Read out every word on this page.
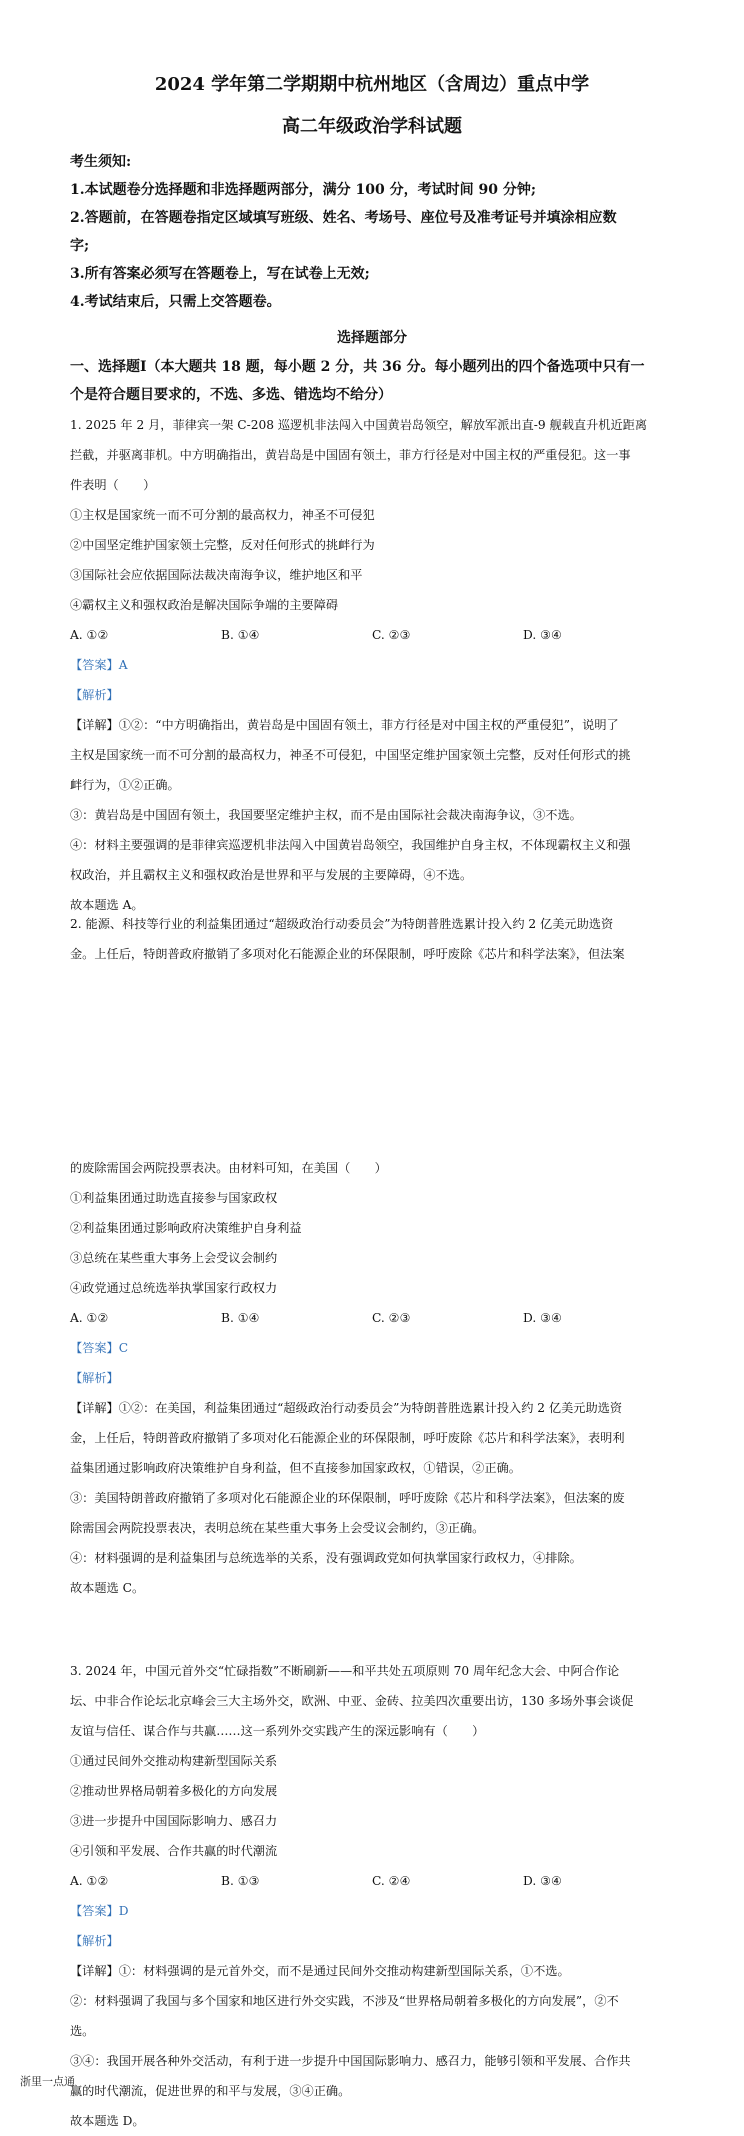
2024 学年第二学期期中杭州地区（含周边）重点中学
高二年级政治学科试题
考生须知:
1.本试题卷分选择题和非选择题两部分，满分 100 分，考试时间 90 分钟;
2.答题前，在答题卷指定区域填写班级、姓名、考场号、座位号及准考证号并填涂相应数
字;
3.所有答案必须写在答题卷上，写在试卷上无效;
4.考试结束后，只需上交答题卷。
选择题部分
一、选择题Ⅰ（本大题共 18 题，每小题 2 分，共 36 分。每小题列出的四个备选项中只有一
个是符合题目要求的，不选、多选、错选均不给分）

1. 2025 年 2 月，菲律宾一架 C-208 巡逻机非法闯入中国黄岩岛领空，解放军派出直-9 舰载直升机近距离

拦截，并驱离菲机。中方明确指出，黄岩岛是中国固有领土，菲方行径是对中国主权的严重侵犯。这一事

件表明（　　）

①主权是国家统一而不可分割的最高权力，神圣不可侵犯

②中国坚定维护国家领土完整，反对任何形式的挑衅行为

③国际社会应依据国际法裁决南海争议，维护地区和平

④霸权主义和强权政治是解决国际争端的主要障碍

A. ①②	B. ①④	C. ②③	D. ③④

【答案】A

【解析】

【详解】①②：“中方明确指出，黄岩岛是中国固有领土，菲方行径是对中国主权的严重侵犯”，说明了

主权是国家统一而不可分割的最高权力，神圣不可侵犯，中国坚定维护国家领土完整，反对任何形式的挑

衅行为，①②正确。

③：黄岩岛是中国固有领土，我国要坚定维护主权，而不是由国际社会裁决南海争议，③不选。

④：材料主要强调的是菲律宾巡逻机非法闯入中国黄岩岛领空，我国维护自身主权，不体现霸权主义和强

权政治，并且霸权主义和强权政治是世界和平与发展的主要障碍，④不选。

故本题选 A。

2. 能源、科技等行业的利益集团通过“超级政治行动委员会”为特朗普胜选累计投入约 2 亿美元助选资

金。上任后，特朗普政府撤销了多项对化石能源企业的环保限制，呼吁废除《芯片和科学法案》，但法案

的废除需国会两院投票表决。由材料可知，在美国（　　）

①利益集团通过助选直接参与国家政权

②利益集团通过影响政府决策维护自身利益

③总统在某些重大事务上会受议会制约

④政党通过总统选举执掌国家行政权力

A. ①②	B. ①④	C. ②③	D. ③④

【答案】C

【解析】

【详解】①②：在美国，利益集团通过“超级政治行动委员会”为特朗普胜选累计投入约 2 亿美元助选资

金，上任后，特朗普政府撤销了多项对化石能源企业的环保限制，呼吁废除《芯片和科学法案》，表明利

益集团通过影响政府决策维护自身利益，但不直接参加国家政权，①错误，②正确。

③：美国特朗普政府撤销了多项对化石能源企业的环保限制，呼吁废除《芯片和科学法案》，但法案的废

除需国会两院投票表决，表明总统在某些重大事务上会受议会制约，③正确。

④：材料强调的是利益集团与总统选举的关系，没有强调政党如何执掌国家行政权力，④排除。

故本题选 C。

3. 2024 年，中国元首外交“忙碌指数”不断刷新——和平共处五项原则 70 周年纪念大会、中阿合作论

坛、中非合作论坛北京峰会三大主场外交，欧洲、中亚、金砖、拉美四次重要出访，130 多场外事会谈促

友谊与信任、谋合作与共赢……这一系列外交实践产生的深远影响有（　　）

①通过民间外交推动构建新型国际关系

②推动世界格局朝着多极化的方向发展

③进一步提升中国国际影响力、感召力

④引领和平发展、合作共赢的时代潮流

A. ①②	B. ①③	C. ②④	D. ③④

【答案】D

【解析】

【详解】①：材料强调的是元首外交，而不是通过民间外交推动构建新型国际关系，①不选。

②：材料强调了我国与多个国家和地区进行外交实践，不涉及“世界格局朝着多极化的方向发展”，②不

选。

③④：我国开展各种外交活动，有利于进一步提升中国国际影响力、感召力，能够引领和平发展、合作共

赢的时代潮流，促进世界的和平与发展，③④正确。

故本题选 D。

浙里一点通
